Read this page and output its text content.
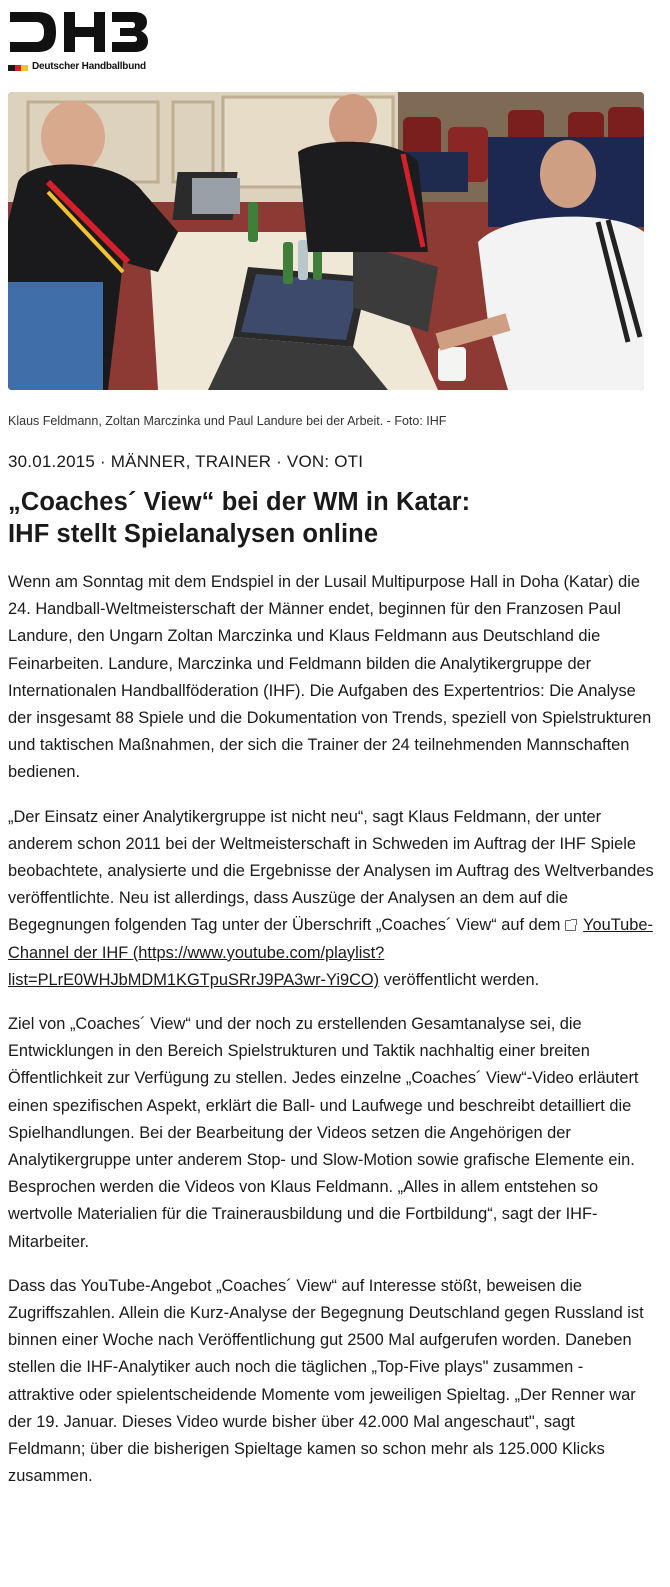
Deutscher Handballbund
Klaus Feldmann, Zoltan Marczinka und Paul Landure bei der Arbeit. - Foto: IHF
30.01.2015 · MÄNNER, TRAINER · VON: OTI
„Coaches´ View“ bei der WM in Katar:
IHF stellt Spielanalysen online

Wenn am Sonntag mit dem Endspiel in der Lusail Multipurpose Hall in Doha (Katar) die 24. Handball-Weltmeisterschaft der Männer endet, beginnen für den Franzosen Paul Landure, den Ungarn Zoltan Marczinka und Klaus Feldmann aus Deutschland die Feinarbeiten. Landure, Marczinka und Feldmann bilden die Analytikergruppe der Internationalen Handballföderation (IHF). Die Aufgaben des Expertentrios: Die Analyse der insgesamt 88 Spiele und die Dokumentation von Trends, speziell von Spielstrukturen und taktischen Maßnahmen, der sich die Trainer der 24 teilnehmenden Mannschaften bedienen.

„Der Einsatz einer Analytikergruppe ist nicht neu“, sagt Klaus Feldmann, der unter anderem schon 2011 bei der Weltmeisterschaft in Schweden im Auftrag der IHF Spiele beobachtete, analysierte und die Ergebnisse der Analysen im Auftrag des Weltverbandes veröffentlichte. Neu ist allerdings, dass Auszüge der Analysen an dem auf die Begegnungen folgenden Tag unter der Überschrift „Coaches´ View“ auf dem YouTube-Channel der IHF (https://www.youtube.com/playlist?list=PLrE0WHJbMDM1KGTpuSRrJ9PA3wr-Yi9CO) veröffentlicht werden.

Ziel von „Coaches´ View“ und der noch zu erstellenden Gesamtanalyse sei, die Entwicklungen in den Bereich Spielstrukturen und Taktik nachhaltig einer breiten Öffentlichkeit zur Verfügung zu stellen. Jedes einzelne „Coaches´ View“-Video erläutert einen spezifischen Aspekt, erklärt die Ball- und Laufwege und beschreibt detailliert die Spielhandlungen. Bei der Bearbeitung der Videos setzen die Angehörigen der Analytikergruppe unter anderem Stop- und Slow-Motion sowie grafische Elemente ein. Besprochen werden die Videos von Klaus Feldmann. „Alles in allem entstehen so wertvolle Materialien für die Trainerausbildung und die Fortbildung“, sagt der IHF-Mitarbeiter.

Dass das YouTube-Angebot „Coaches´ View“ auf Interesse stößt, beweisen die Zugriffszahlen. Allein die Kurz-Analyse der Begegnung Deutschland gegen Russland ist binnen einer Woche nach Veröffentlichung gut 2500 Mal aufgerufen worden. Daneben stellen die IHF-Analytiker auch noch die täglichen „Top-Five plays" zusammen - attraktive oder spielentscheidende Momente vom jeweiligen Spieltag. „Der Renner war der 19. Januar. Dieses Video wurde bisher über 42.000 Mal angeschaut", sagt Feldmann; über die bisherigen Spieltage kamen so schon mehr als 125.000 Klicks zusammen.
